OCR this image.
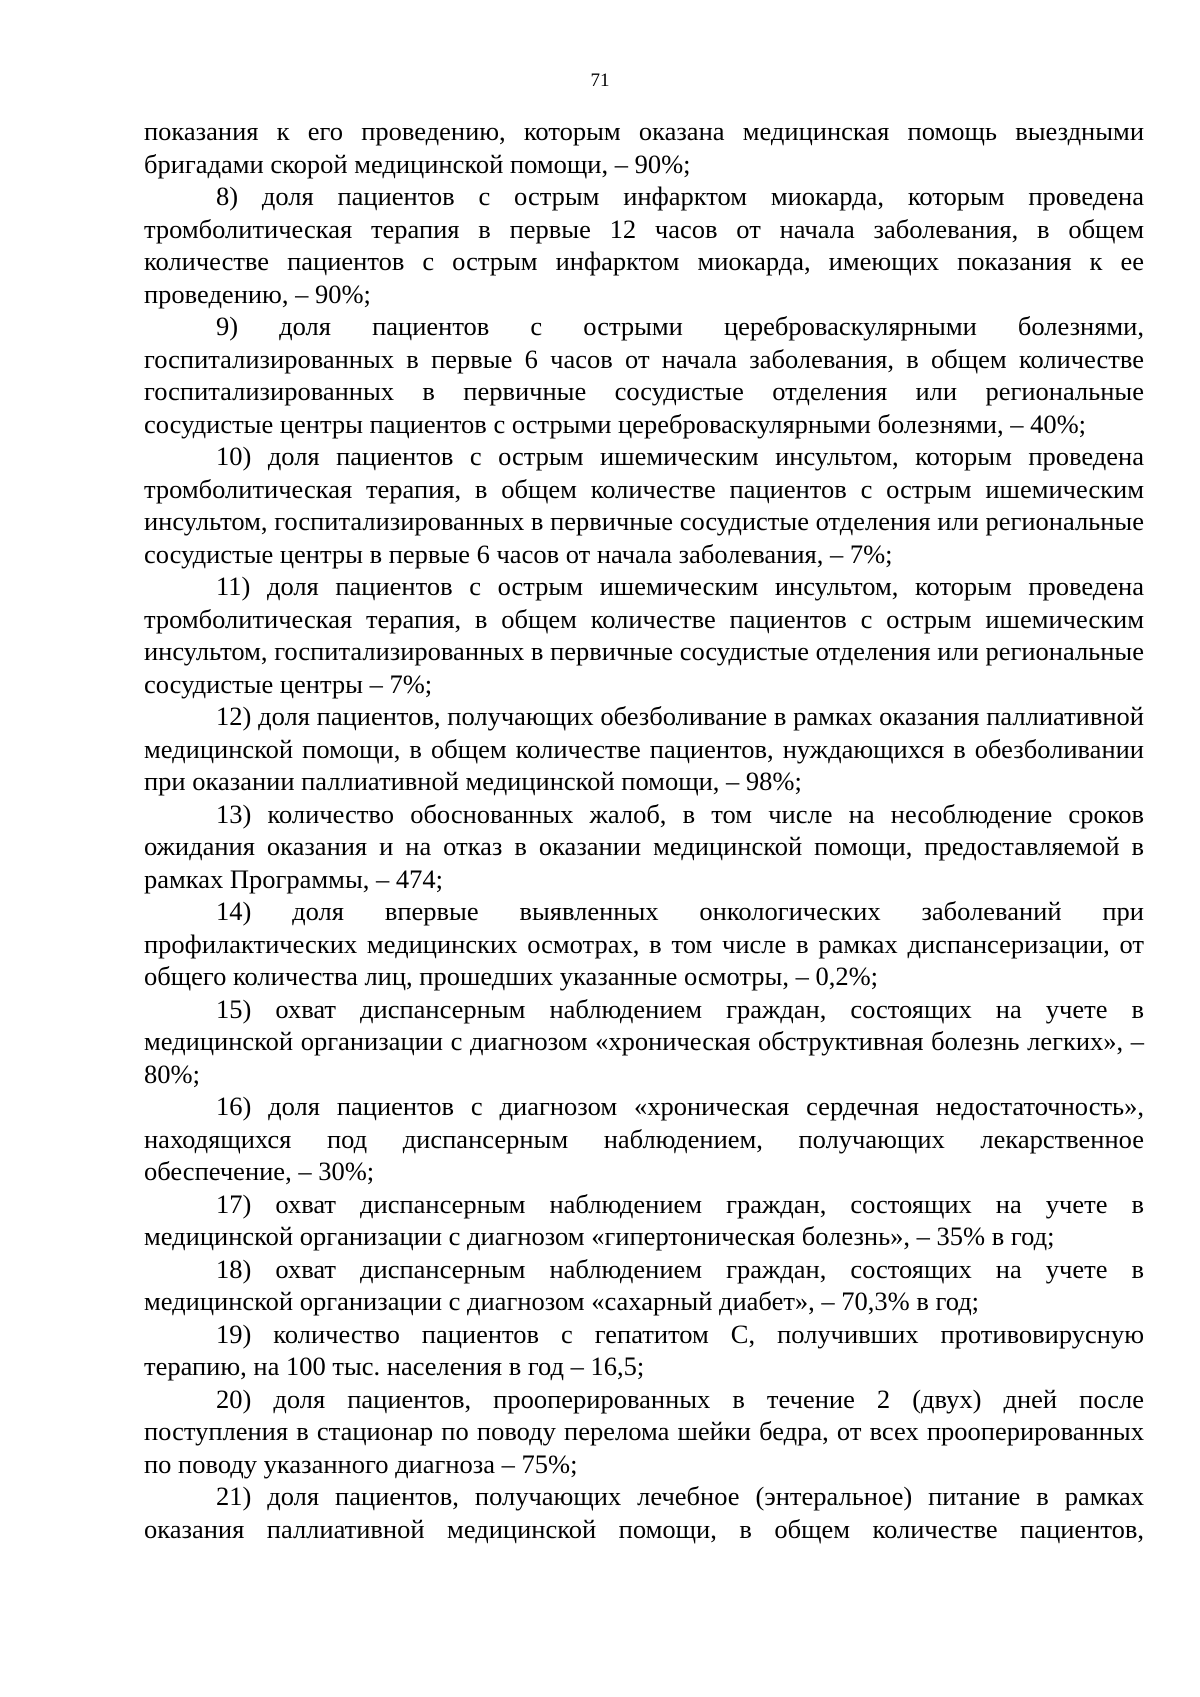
71

показания к его проведению, которым оказана медицинская помощь выездными бригадами скорой медицинской помощи, – 90%;

8) доля пациентов с острым инфарктом миокарда, которым проведена тромболитическая терапия в первые 12 часов от начала заболевания, в общем количестве пациентов с острым инфарктом миокарда, имеющих показания к ее проведению, – 90%;

9) доля пациентов с острыми цереброваскулярными болезнями, госпитализированных в первые 6 часов от начала заболевания, в общем количестве госпитализированных в первичные сосудистые отделения или региональные сосудистые центры пациентов с острыми цереброваскулярными болезнями, – 40%;

10) доля пациентов с острым ишемическим инсультом, которым проведена тромболитическая терапия, в общем количестве пациентов с острым ишемическим инсультом, госпитализированных в первичные сосудистые отделения или региональные сосудистые центры в первые 6 часов от начала заболевания, – 7%;

11) доля пациентов с острым ишемическим инсультом, которым проведена тромболитическая терапия, в общем количестве пациентов с острым ишемическим инсультом, госпитализированных в первичные сосудистые отделения или региональные сосудистые центры – 7%;

12) доля пациентов, получающих обезболивание в рамках оказания паллиативной медицинской помощи, в общем количестве пациентов, нуждающихся в обезболивании при оказании паллиативной медицинской помощи, – 98%;

13) количество обоснованных жалоб, в том числе на несоблюдение сроков ожидания оказания и на отказ в оказании медицинской помощи, предоставляемой в рамках Программы, – 474;

14) доля впервые выявленных онкологических заболеваний при профилактических медицинских осмотрах, в том числе в рамках диспансеризации, от общего количества лиц, прошедших указанные осмотры, – 0,2%;

15) охват диспансерным наблюдением граждан, состоящих на учете в медицинской организации с диагнозом «хроническая обструктивная болезнь легких», – 80%;

16) доля пациентов с диагнозом «хроническая сердечная недостаточность», находящихся под диспансерным наблюдением, получающих лекарственное обеспечение, – 30%;

17) охват диспансерным наблюдением граждан, состоящих на учете в медицинской организации с диагнозом «гипертоническая болезнь», – 35% в год;

18) охват диспансерным наблюдением граждан, состоящих на учете в медицинской организации с диагнозом «сахарный диабет», – 70,3% в год;

19) количество пациентов с гепатитом С, получивших противовирусную терапию, на 100 тыс. населения в год – 16,5;

20) доля пациентов, прооперированных в течение 2 (двух) дней после поступления в стационар по поводу перелома шейки бедра, от всех прооперированных по поводу указанного диагноза – 75%;

21) доля пациентов, получающих лечебное (энтеральное) питание в рамках оказания паллиативной медицинской помощи, в общем количестве пациентов,
